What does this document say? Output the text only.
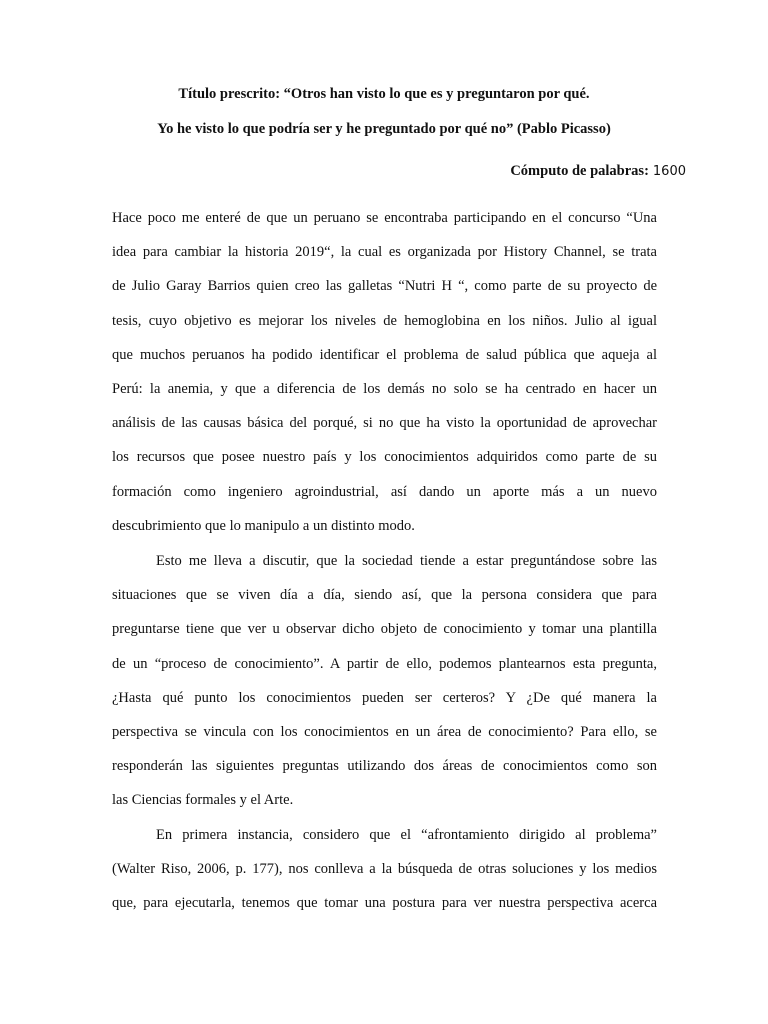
Título prescrito: “Otros han visto lo que es y preguntaron por qué.
Yo he visto lo que podría ser y he preguntado por qué no” (Pablo Picasso)
Cómputo de palabras: 1600
Hace poco me enteré de que un peruano se encontraba participando en el concurso “Una
idea para cambiar la historia 2019“, la cual es organizada por History Channel, se trata
de Julio Garay Barrios quien creo las galletas “Nutri H “, como parte de su proyecto de
tesis, cuyo objetivo es mejorar los niveles de hemoglobina en los niños. Julio al igual
que muchos peruanos ha podido identificar el problema de salud pública que aqueja al
Perú: la anemia, y que a diferencia de los demás no solo se ha centrado en hacer un
análisis de las causas básica del porqué, si no que ha visto la oportunidad de aprovechar
los recursos que posee nuestro país y los conocimientos adquiridos como parte de su
formación como ingeniero agroindustrial, así dando un aporte más a un nuevo
descubrimiento que lo manipulo a un distinto modo.
Esto me lleva a discutir, que la sociedad tiende a estar preguntándose sobre las
situaciones que se viven día a día, siendo así, que la persona considera que para
preguntarse tiene que ver u observar dicho objeto de conocimiento y tomar una plantilla
de un “proceso de conocimiento”. A partir de ello, podemos plantearnos esta pregunta,
¿Hasta qué punto los conocimientos pueden ser certeros? Y ¿De qué manera la
perspectiva se vincula con los conocimientos en un área de conocimiento? Para ello, se
responderán las siguientes preguntas utilizando dos áreas de conocimientos como son
las Ciencias formales y el Arte.
En primera instancia, considero que el “afrontamiento dirigido al problema”
(Walter Riso, 2006, p. 177), nos conlleva a la búsqueda de otras soluciones y los medios
que, para ejecutarla, tenemos que tomar una postura para ver nuestra perspectiva acerca
